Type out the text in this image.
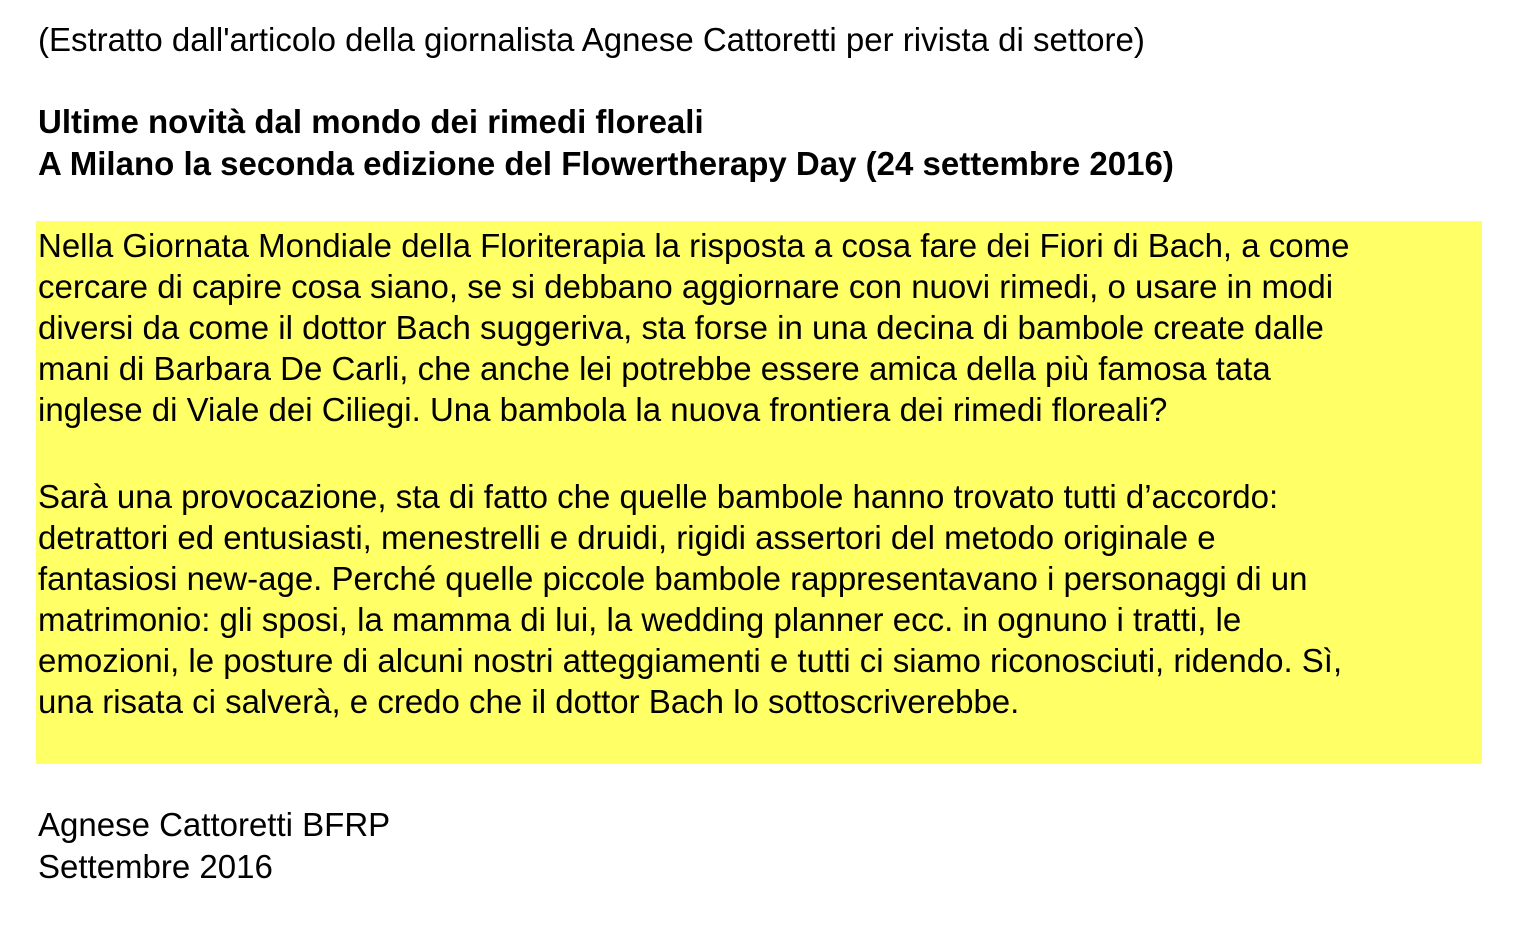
(Estratto dall'articolo della giornalista Agnese Cattoretti per rivista di settore)
Ultime novità dal mondo dei rimedi floreali
A Milano la seconda edizione del Flowertherapy Day (24 settembre 2016)
Nella Giornata Mondiale della Floriterapia la risposta a cosa fare dei Fiori di Bach, a come
cercare di capire cosa siano, se si debbano aggiornare con nuovi rimedi, o usare in modi
diversi da come il dottor Bach suggeriva, sta forse in una decina di bambole create dalle
mani di Barbara De Carli, che anche lei potrebbe essere amica della più famosa tata
inglese di Viale dei Ciliegi. Una bambola la nuova frontiera dei rimedi floreali?
Sarà una provocazione, sta di fatto che quelle bambole hanno trovato tutti d’accordo:
detrattori ed entusiasti, menestrelli e druidi, rigidi assertori del metodo originale e
fantasiosi new-age. Perché quelle piccole bambole rappresentavano i personaggi di un
matrimonio: gli sposi, la mamma di lui, la wedding planner ecc. in ognuno i tratti, le
emozioni, le posture di alcuni nostri atteggiamenti e tutti ci siamo riconosciuti, ridendo. Sì,
una risata ci salverà, e credo che il dottor Bach lo sottoscriverebbe.
Agnese Cattoretti BFRP
Settembre 2016
